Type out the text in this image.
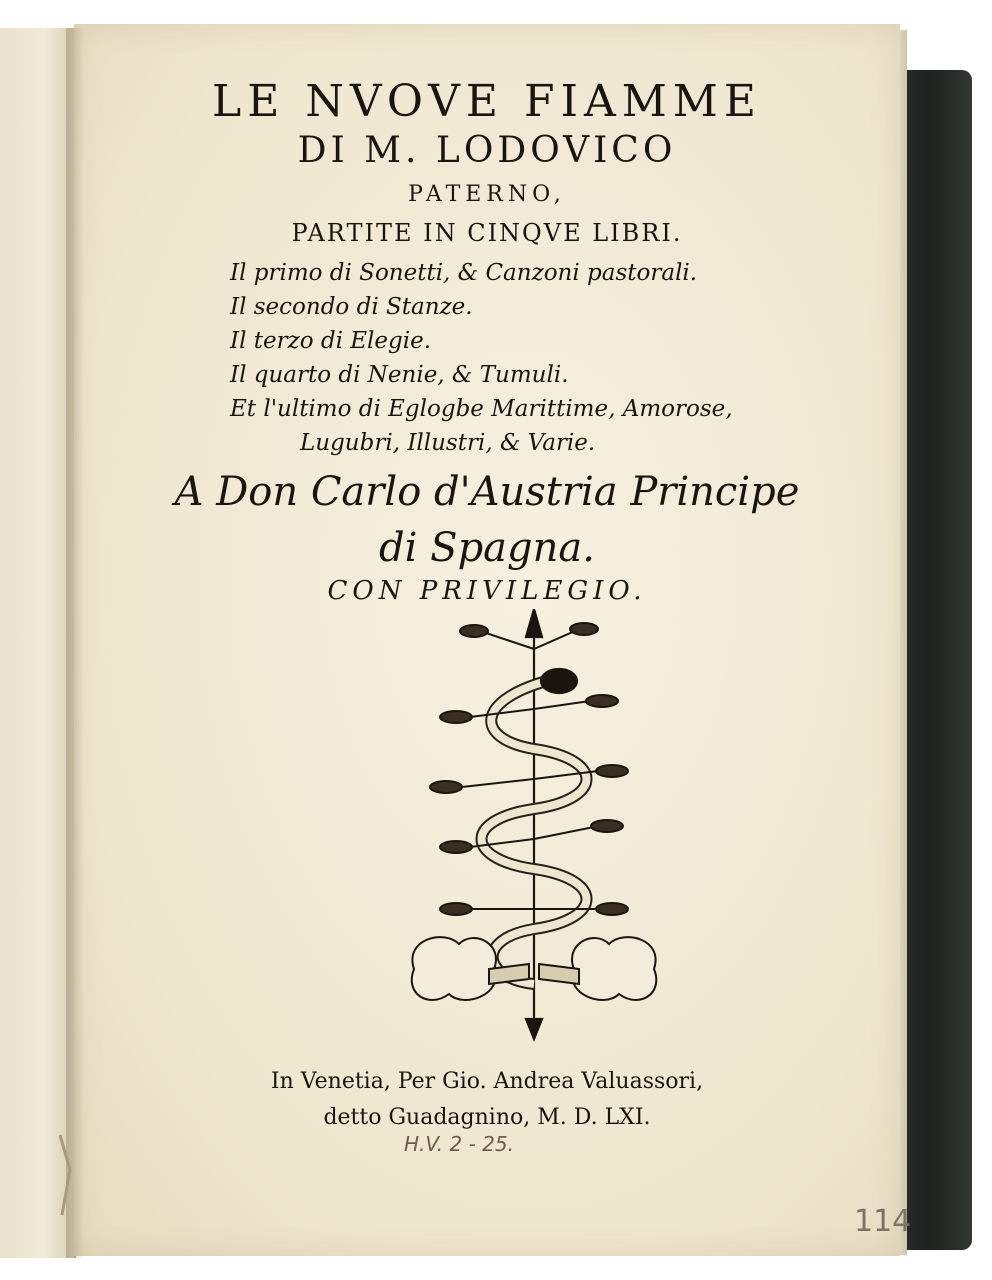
LE NVOVE FIAMME
DI M. LODOVICO
PATERNO,
PARTITE IN CINQVE LIBRI.
Il primo di Sonetti, & Canzoni pastorali.
Il secondo di Stanze.
Il terzo di Elegie.
Il quarto di Nenie, & Tumuli.
Et l'ultimo di Eglogbe Marittime, Amorose,
Lugubri, Illustri, & Varie.
A Don Carlo d'Austria Principe
di Spagna.
CON PRIVILEGIO.
In Venetia, Per Gio. Andrea Valuassori,
detto Guadagnino, M. D. LXI.
H.V. 2 - 25.
114
